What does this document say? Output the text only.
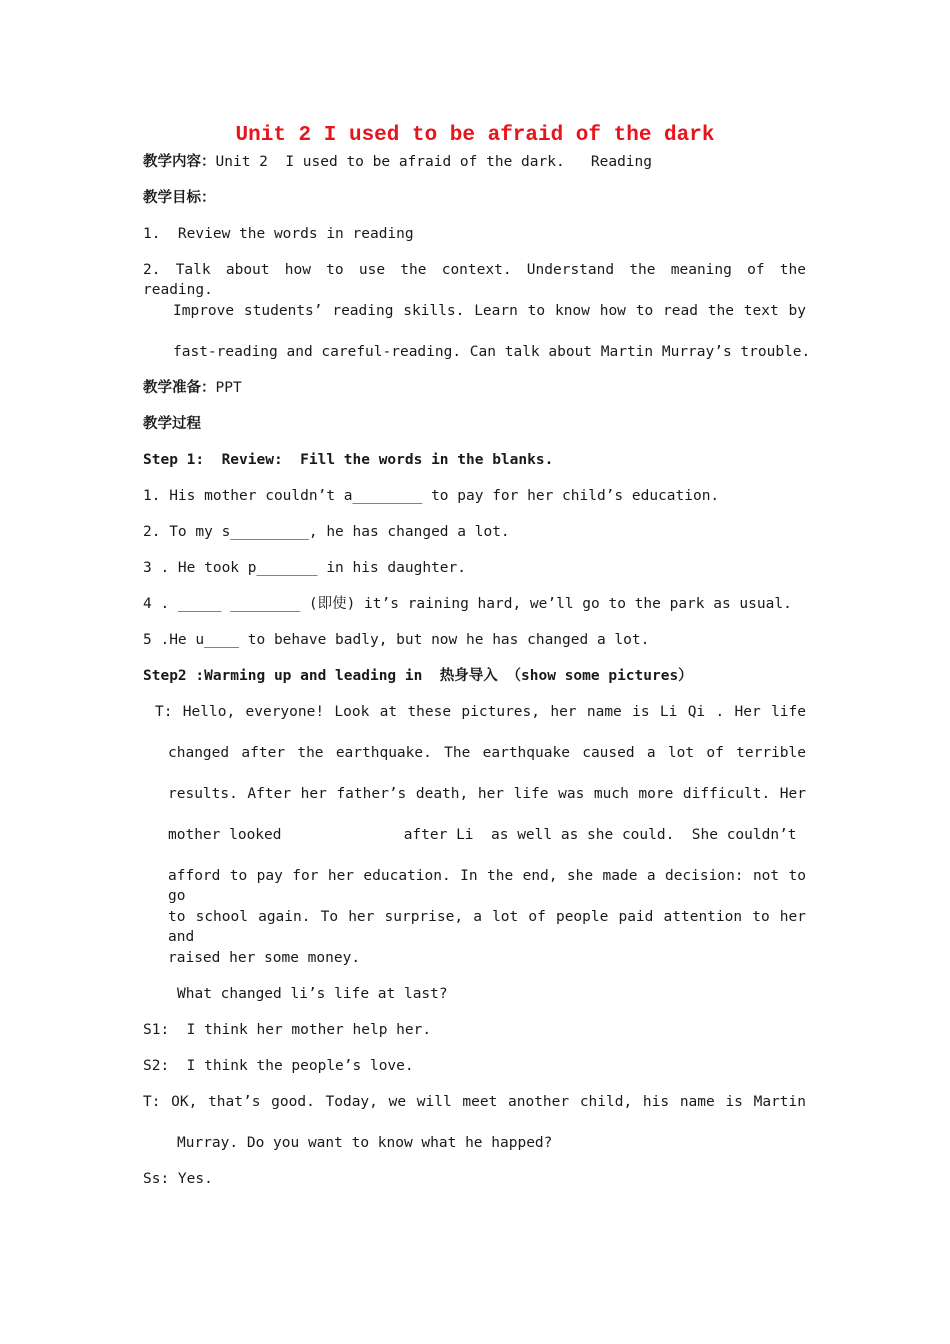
Unit 2 I used to be afraid of the dark
教学内容：Unit 2  I used to be afraid of the dark.   Reading
教学目标：
1.  Review the words in reading
2. Talk about how to use the context. Understand the meaning of the reading.
Improve students’ reading skills. Learn to know how to read the text by
fast-reading and careful-reading. Can talk about Martin Murray’s trouble.
教学准备：PPT
教学过程
Step 1:  Review:  Fill the words in the blanks.
1. His mother couldn’t a________ to pay for her child’s education.
2. To my s_________, he has changed a lot.
3 . He took p_______ in his daughter.
4 . _____ ________ (即使) it’s raining hard, we’ll go to the park as usual.
5 .He u____ to behave badly, but now he has changed a lot.
Step2 :Warming up and leading in  热身导入 （show some pictures）
T: Hello, everyone! Look at these pictures, her name is Li Qi . Her life
changed after the earthquake. The earthquake caused a lot of terrible
results. After her father’s death, her life was much more difficult. Her
mother looked              after Li  as well as she could.  She couldn’t
afford to pay for her education. In the end, she made a decision: not to go
to school again. To her surprise, a lot of people paid attention to her and
raised her some money.
What changed li’s life at last?
S1:  I think her mother help her.
S2:  I think the people’s love.
T: OK, that’s good. Today, we will meet another child, his name is Martin
Murray. Do you want to know what he happed?
Ss: Yes.
